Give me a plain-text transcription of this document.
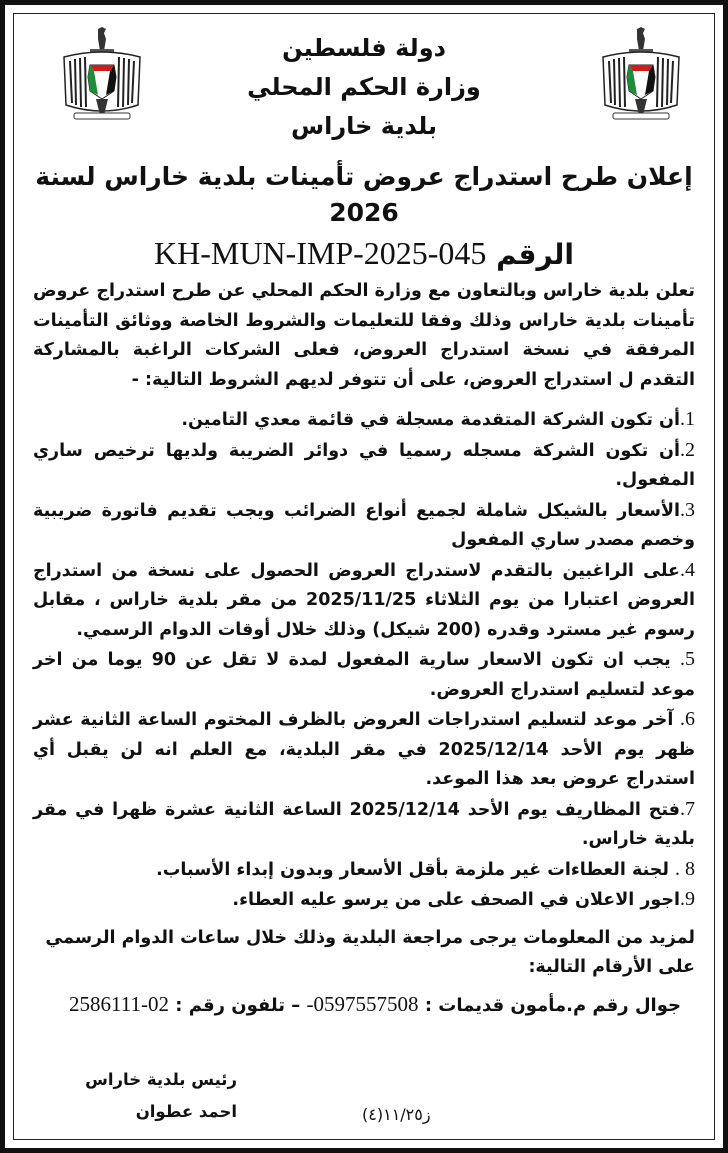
دولة فلسطين
وزارة الحكم المحلي
بلدية خاراس
إعلان طرح استدراج عروض تأمينات بلدية خاراس لسنة 2026
الرقم KH-MUN-IMP-2025-045
تعلن بلدية خاراس وبالتعاون مع وزارة الحكم المحلي عن طرح استدراج عروض تأمينات بلدية خاراس وذلك وفقا للتعليمات والشروط الخاصة ووثائق التأمينات المرفقة في نسخة استدراج العروض، فعلى الشركات الراغبة بالمشاركة التقدم ل استدراج العروض، على أن تتوفر لديهم الشروط التالية: -
1.أن تكون الشركة المتقدمة مسجلة في قائمة معدي التامين.
2.أن تكون الشركة مسجله رسميا في دوائر الضريبة ولديها ترخيص ساري المفعول.
3.الأسعار بالشيكل شاملة لجميع أنواع الضرائب ويجب تقديم فاتورة ضريبية وخصم مصدر ساري المفعول
4.على الراغبين بالتقدم لاستدراج العروض الحصول على نسخة من استدراج العروض اعتبارا من يوم الثلاثاء 2025/11/25 من مقر بلدية خاراس ، مقابل رسوم غير مسترد وقدره (200 شيكل) وذلك خلال أوقات الدوام الرسمي.
5. يجب ان تكون الاسعار سارية المفعول لمدة لا تقل عن 90 يوما من اخر موعد لتسليم استدراج العروض.
6. آخر موعد لتسليم استدراجات العروض بالظرف المختوم الساعة الثانية عشر ظهر يوم الأحد 2025/12/14 في مقر البلدية، مع العلم انه لن يقبل أي استدراج عروض بعد هذا الموعد.
7.فتح المظاريف يوم الأحد 2025/12/14 الساعة الثانية عشرة ظهرا في مقر بلدية خاراس.
8 . لجنة العطاءات غير ملزمة بأقل الأسعار وبدون إبداء الأسباب.
9.اجور الاعلان في الصحف على من يرسو عليه العطاء.
لمزيد من المعلومات يرجى مراجعة البلدية وذلك خلال ساعات الدوام الرسمي على الأرقام التالية:
جوال رقم م.مأمون قديمات : 0597557508- – تلفون رقم : 02-2586111
ز١١/٢٥(٤)
رئيس بلدية خاراس
احمد عطوان
